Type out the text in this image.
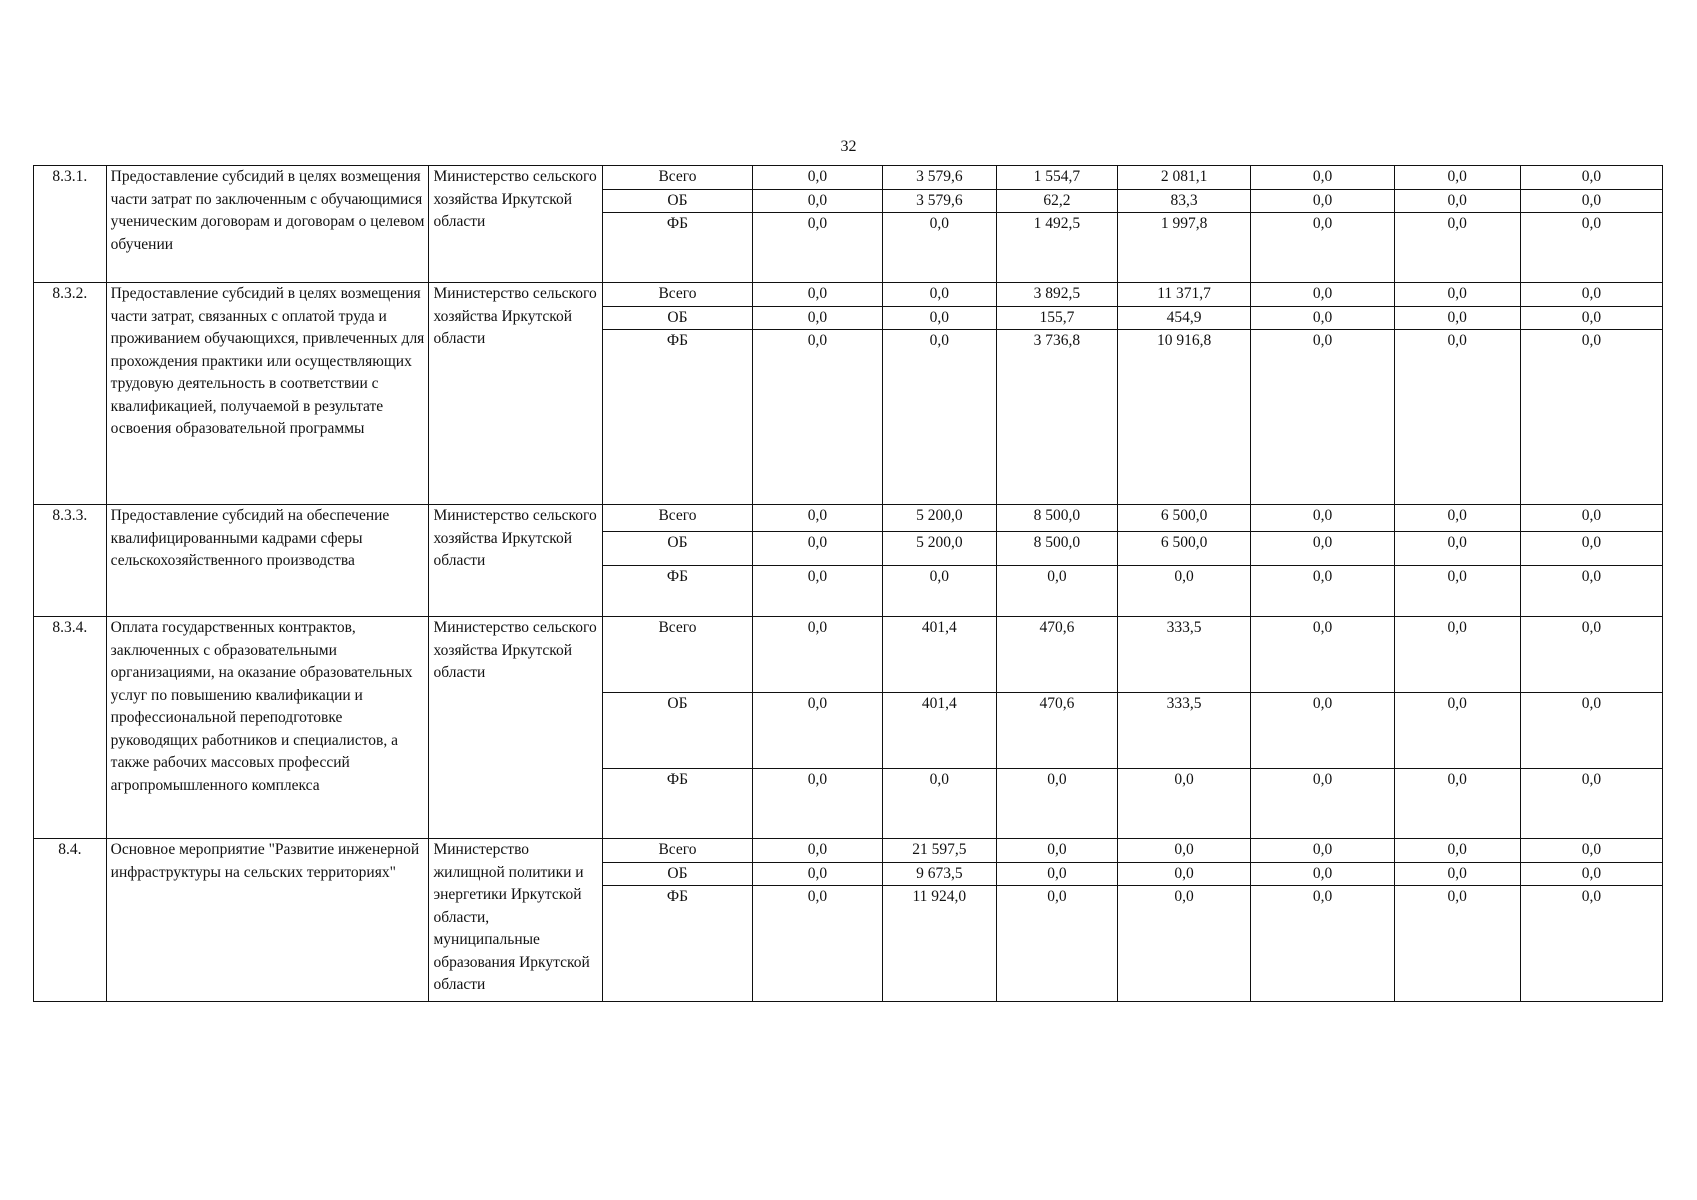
32
8.3.1.	Предоставление субсидий в целях возмещения части затрат по заключенным с обучающимися ученическим договорам и договорам о целевом обучении	Министерство сельского хозяйства Иркутской области	Всего	0,0	3 579,6	1 554,7	2 081,1	0,0	0,0	0,0
			ОБ	0,0	3 579,6	62,2	83,3	0,0	0,0	0,0
			ФБ	0,0	0,0	1 492,5	1 997,8	0,0	0,0	0,0
8.3.2.	Предоставление субсидий в целях возмещения части затрат, связанных с оплатой труда и проживанием обучающихся, привлеченных для прохождения практики или осуществляющих трудовую деятельность в соответствии с квалификацией, получаемой в результате освоения образовательной программы	Министерство сельского хозяйства Иркутской области	Всего	0,0	0,0	3 892,5	11 371,7	0,0	0,0	0,0
			ОБ	0,0	0,0	155,7	454,9	0,0	0,0	0,0
			ФБ	0,0	0,0	3 736,8	10 916,8	0,0	0,0	0,0
8.3.3.	Предоставление субсидий на обеспечение квалифицированными кадрами сферы сельскохозяйственного производства	Министерство сельского хозяйства Иркутской области	Всего	0,0	5 200,0	8 500,0	6 500,0	0,0	0,0	0,0
			ОБ	0,0	5 200,0	8 500,0	6 500,0	0,0	0,0	0,0
			ФБ	0,0	0,0	0,0	0,0	0,0	0,0	0,0
8.3.4.	Оплата государственных контрактов, заключенных с образовательными организациями, на оказание образовательных услуг по повышению квалификации и профессиональной переподготовке руководящих работников и специалистов, а также рабочих массовых профессий агропромышленного комплекса	Министерство сельского хозяйства Иркутской области	Всего	0,0	401,4	470,6	333,5	0,0	0,0	0,0
			ОБ	0,0	401,4	470,6	333,5	0,0	0,0	0,0
			ФБ	0,0	0,0	0,0	0,0	0,0	0,0	0,0
8.4.	Основное мероприятие "Развитие инженерной инфраструктуры на сельских территориях"	Министерство жилищной политики и энергетики Иркутской области, муниципальные образования Иркутской области	Всего	0,0	21 597,5	0,0	0,0	0,0	0,0	0,0
			ОБ	0,0	9 673,5	0,0	0,0	0,0	0,0	0,0
			ФБ	0,0	11 924,0	0,0	0,0	0,0	0,0	0,0
